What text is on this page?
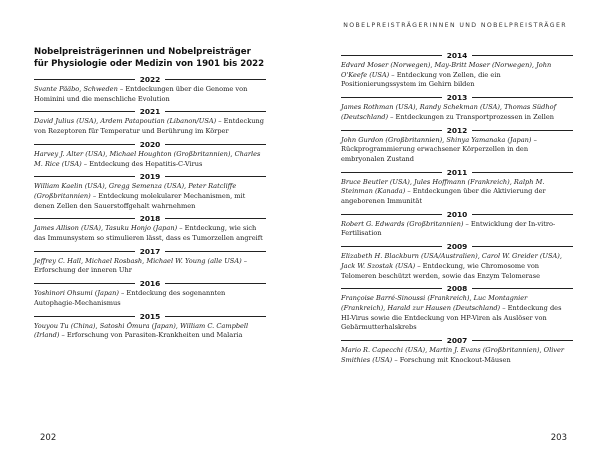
Nobelpreisträgerinnen und Nobelpreisträger für Physiologie oder Medizin von 1901 bis 2022
2022

Svante Pääbo, Schweden – Entdeckungen über die Genome von Hominini und die menschliche Evolution

2021

David Julius (USA), Ardem Patapoutian (Libanon/USA) – Entdeckung von Rezeptoren für Temperatur und Berührung im Körper

2020

Harvey J. Alter (USA), Michael Houghton (Großbritannien), Charles M. Rice (USA) – Entdeckung des Hepatitis-C-Virus

2019

William Kaelin (USA), Gregg Semenza (USA), Peter Ratcliffe (Großbritannien) – Entdeckung molekularer Mechanismen, mit denen Zellen den Sauerstoffgehalt wahrnehmen

2018

James Allison (USA), Tasuku Honjo (Japan) – Entdeckung, wie sich das Immunsystem so stimulieren lässt, dass es Tumorzellen angreift

2017

Jeffrey C. Hall, Michael Rosbash, Michael W. Young (alle USA) – Erforschung der inneren Uhr

2016

Yoshinori Ohsumi (Japan) – Entdeckung des sogenannten Autophagie-Mechanismus

2015

Youyou Tu (China), Satoshi Ōmura (Japan), William C. Campbell (Irland) – Erforschung von Parasiten-Krankheiten und Malaria

202
NOBELPREISTRÄGERINNEN UND NOBELPREISTRÄGER
2014

Edvard Moser (Norwegen), May-Britt Moser (Norwegen), John O'Keefe (USA) – Entdeckung von Zellen, die ein Positionierungssystem im Gehirn bilden

2013

James Rothman (USA), Randy Schekman (USA), Thomas Südhof (Deutschland) – Entdeckungen zu Transportprozessen in Zellen

2012

John Gurdon (Großbritannien), Shinya Yamanaka (Japan) – Rückprogrammierung erwachsener Körperzellen in den embryonalen Zustand

2011

Bruce Beutler (USA), Jules Hoffmann (Frankreich), Ralph M. Steinman (Kanada) – Entdeckungen über die Aktivierung der angeborenen Immunität

2010

Robert G. Edwards (Großbritannien) – Entwicklung der In-vitro-Fertilisation

2009

Elizabeth H. Blackburn (USA/Australien), Carol W. Greider (USA), Jack W. Szostak (USA) – Entdeckung, wie Chromosome von Telomeren beschützt werden, sowie das Enzym Telomerase

2008

Françoise Barré-Sinoussi (Frankreich), Luc Montagnier (Frankreich), Harald zur Hausen (Deutschland) – Entdeckung des HI-Virus sowie die Entdeckung von HP-Viren als Auslöser von Gebärmutterhalskrebs

2007

Mario R. Capecchi (USA), Martin J. Evans (Großbritannien), Oliver Smithies (USA) – Forschung mit Knockout-Mäusen

203
